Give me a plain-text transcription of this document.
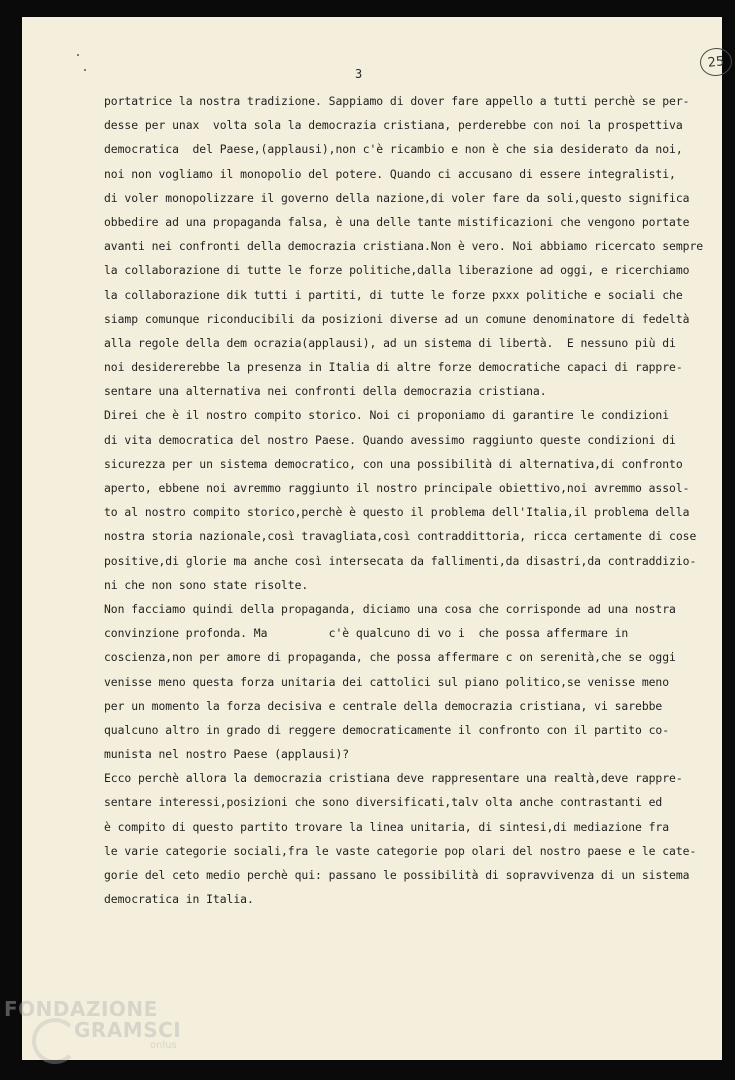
3
25
portatrice la nostra tradizione. Sappiamo di dover fare appello a tutti perchè se per-
desse per unax  volta sola la democrazia cristiana, perderebbe con noi la prospettiva
democratica  del Paese,(applausi),non c'è ricambio e non è che sia desiderato da noi,
noi non vogliamo il monopolio del potere. Quando ci accusano di essere integralisti,
di voler monopolizzare il governo della nazione,di voler fare da soli,questo significa
obbedire ad una propaganda falsa, è una delle tante mistificazioni che vengono portate
avanti nei confronti della democrazia cristiana.Non è vero. Noi abbiamo ricercato sempre
la collaborazione di tutte le forze politiche,dalla liberazione ad oggi, e ricerchiamo
la collaborazione dik tutti i partiti, di tutte le forze pxxx politiche e sociali che
siamp comunque riconducibili da posizioni diverse ad un comune denominatore di fedeltà
alla regole della dem ocrazia(applausi), ad un sistema di libertà.  E nessuno più di
noi desidererebbe la presenza in Italia di altre forze democratiche capaci di rappre-
sentare una alternativa nei confronti della democrazia cristiana.
Direi che è il nostro compito storico. Noi ci proponiamo di garantire le condizioni
di vita democratica del nostro Paese. Quando avessimo raggiunto queste condizioni di
sicurezza per un sistema democratico, con una possibilità di alternativa,di confronto
aperto, ebbene noi avremmo raggiunto il nostro principale obiettivo,noi avremmo assol-
to al nostro compito storico,perchè è questo il problema dell'Italia,il problema della
nostra storia nazionale,così travagliata,così contraddittoria, ricca certamente di cose
positive,di glorie ma anche così intersecata da fallimenti,da disastri,da contraddizio-
ni che non sono state risolte.
Non facciamo quindi della propaganda, diciamo una cosa che corrisponde ad una nostra
convinzione profonda. Ma         c'è qualcuno di vo i  che possa affermare in
coscienza,non per amore di propaganda, che possa affermare c on serenità,che se oggi
venisse meno questa forza unitaria dei cattolici sul piano politico,se venisse meno
per un momento la forza decisiva e centrale della democrazia cristiana, vi sarebbe
qualcuno altro in grado di reggere democraticamente il confronto con il partito co-
munista nel nostro Paese (applausi)?
Ecco perchè allora la democrazia cristiana deve rappresentare una realtà,deve rappre-
sentare interessi,posizioni che sono diversificati,talv olta anche contrastanti ed
è compito di questo partito trovare la linea unitaria, di sintesi,di mediazione fra
le varie categorie sociali,fra le vaste categorie pop olari del nostro paese e le cate-
gorie del ceto medio perchè qui: passano le possibilità di sopravvivenza di un sistema
democratica in Italia.
FONDAZIONE
GRAMSCI
onlus
